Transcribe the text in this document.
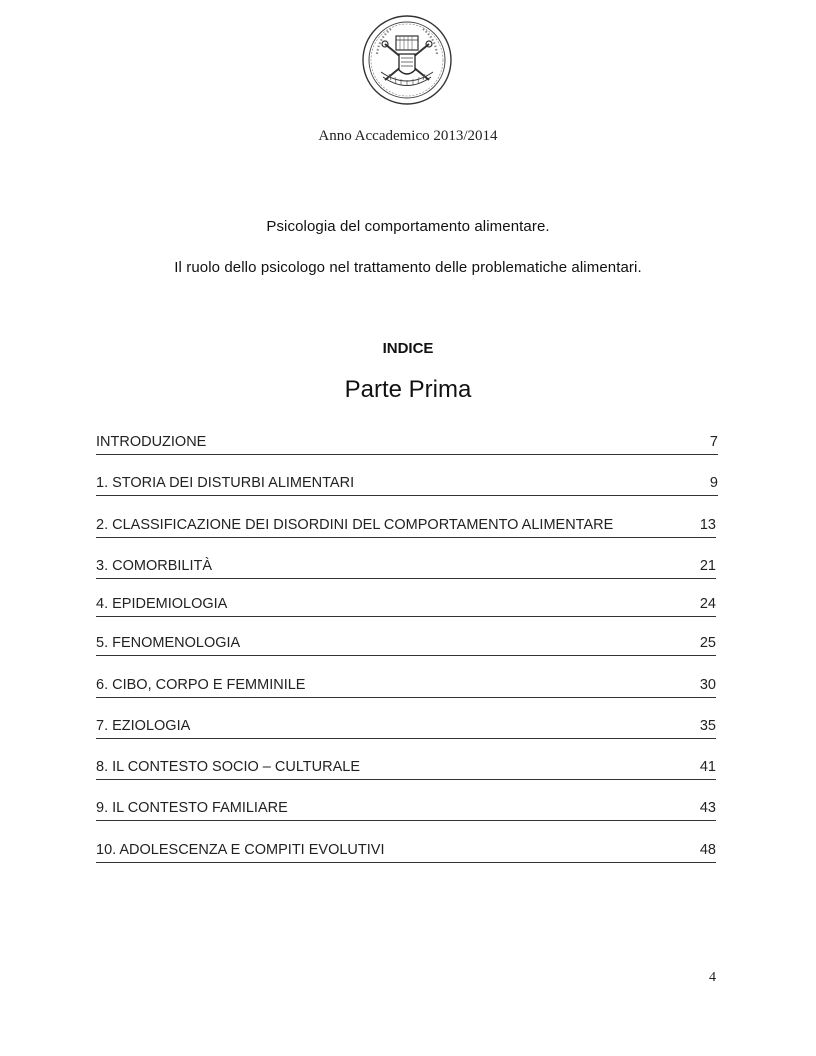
Anno Accademico 2013/2014
Psicologia del comportamento alimentare.
Il ruolo dello psicologo nel trattamento delle problematiche alimentari.
INDICE
Parte Prima
INTRODUZIONE	7
1. STORIA DEI DISTURBI ALIMENTARI	9
2. CLASSIFICAZIONE DEI DISORDINI DEL COMPORTAMENTO ALIMENTARE	13
3. COMORBILITÀ	21
4. EPIDEMIOLOGIA	24
5. FENOMENOLOGIA	25
6. CIBO, CORPO E FEMMINILE	30
7. EZIOLOGIA	35
8. IL CONTESTO SOCIO – CULTURALE	41
9. IL CONTESTO FAMILIARE	43
10. ADOLESCENZA E COMPITI EVOLUTIVI	48
4
